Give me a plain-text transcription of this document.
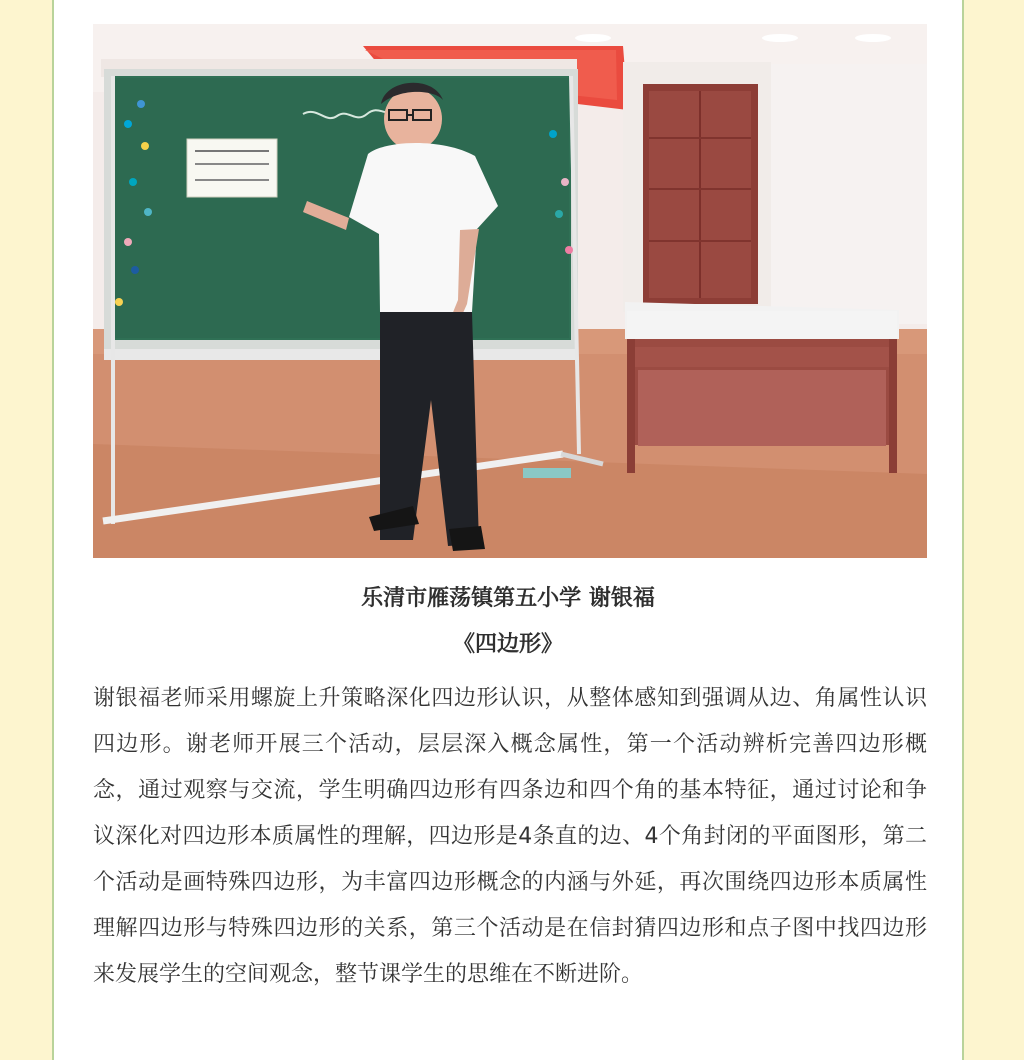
乐清市雁荡镇第五小学 谢银福
《四边形》
谢银福老师采用螺旋上升策略深化四边形认识，从整体感知到强调从边、角属性认识四边形。谢老师开展三个活动，层层深入概念属性，第一个活动辨析完善四边形概念，通过观察与交流，学生明确四边形有四条边和四个角的基本特征，通过讨论和争议深化对四边形本质属性的理解，四边形是4条直的边、4个角封闭的平面图形，第二个活动是画特殊四边形，为丰富四边形概念的内涵与外延，再次围绕四边形本质属性理解四边形与特殊四边形的关系，第三个活动是在信封猜四边形和点子图中找四边形来发展学生的空间观念，整节课学生的思维在不断进阶。
